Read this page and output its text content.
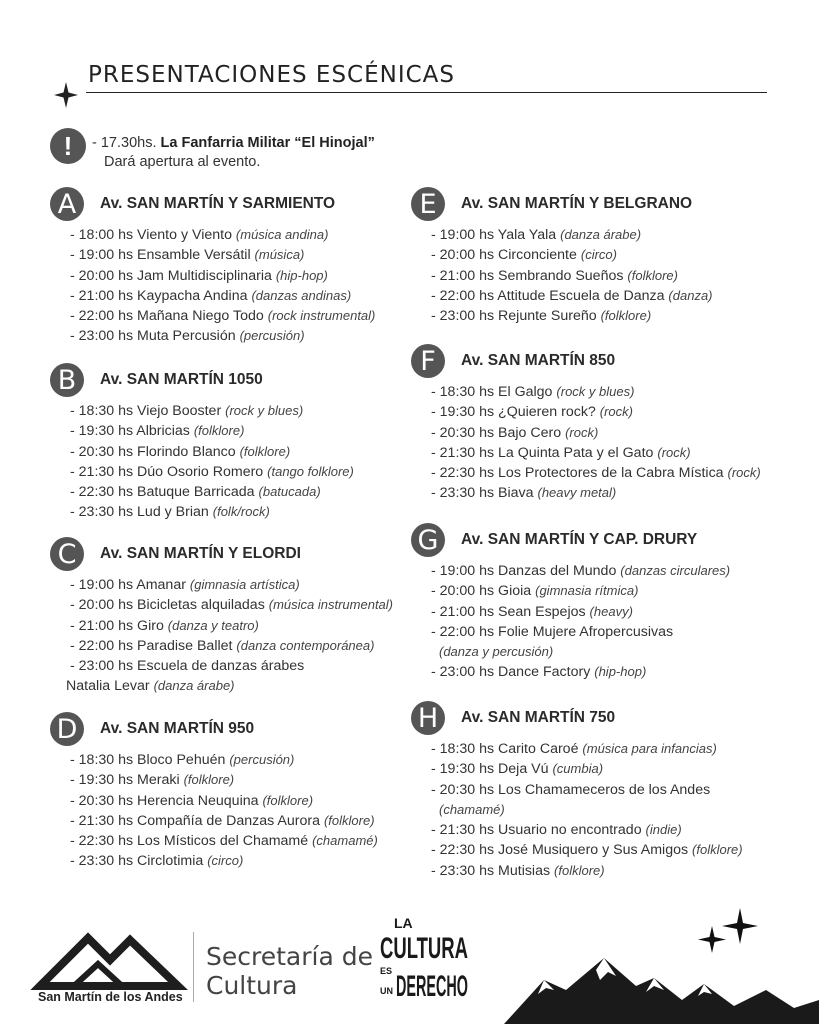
PRESENTACIONES ESCÉNICAS
!	- 17.30hs. La Fanfarria Militar “El Hinojal”
Dará apertura al evento.
A	Av. SAN MARTÍN Y SARMIENTO
- 18:00 hs Viento y Viento (música andina)
- 19:00 hs Ensamble Versátil (música)
- 20:00 hs Jam Multidisciplinaria (hip-hop)
- 21:00 hs Kaypacha Andina (danzas andinas)
- 22:00 hs Mañana Niego Todo (rock instrumental)
- 23:00 hs Muta Percusión (percusión)
B	Av. SAN MARTÍN 1050
- 18:30 hs Viejo Booster (rock y blues)
- 19:30 hs Albricias (folklore)
- 20:30 hs Florindo Blanco (folklore)
- 21:30 hs Dúo Osorio Romero (tango folklore)
- 22:30 hs Batuque Barricada (batucada)
- 23:30 hs Lud y Brian (folk/rock)
C	Av. SAN MARTÍN Y ELORDI
- 19:00 hs Amanar (gimnasia artística)
- 20:00 hs Bicicletas alquiladas (música instrumental)
- 21:00 hs Giro (danza y teatro)
- 22:00 hs Paradise Ballet (danza contemporánea)
- 23:00 hs Escuela de danzas árabes
Natalia Levar (danza árabe)
D	Av. SAN MARTÍN 950
- 18:30 hs Bloco Pehuén (percusión)
- 19:30 hs Meraki (folklore)
- 20:30 hs Herencia Neuquina (folklore)
- 21:30 hs Compañía de Danzas Aurora (folklore)
- 22:30 hs Los Místicos del Chamamé (chamamé)
- 23:30 hs Circlotimia (circo)
E	Av. SAN MARTÍN Y BELGRANO
- 19:00 hs Yala Yala (danza árabe)
- 20:00 hs Circonciente (circo)
- 21:00 hs Sembrando Sueños (folklore)
- 22:00 hs Attitude Escuela de Danza (danza)
- 23:00 hs Rejunte Sureño (folklore)
F	Av. SAN MARTÍN 850
- 18:30 hs El Galgo (rock y blues)
- 19:30 hs ¿Quieren rock? (rock)
- 20:30 hs Bajo Cero (rock)
- 21:30 hs La Quinta Pata y el Gato (rock)
- 22:30 hs Los Protectores de la Cabra Mística (rock)
- 23:30 hs Biava (heavy metal)
G	Av. SAN MARTÍN Y CAP. DRURY
- 19:00 hs Danzas del Mundo (danzas circulares)
- 20:00 hs Gioia (gimnasia rítmica)
- 21:00 hs Sean Espejos (heavy)
- 22:00 hs Folie Mujere Afropercusivas
(danza y percusión)
- 23:00 hs Dance Factory (hip-hop)
H	Av. SAN MARTÍN 750
- 18:30 hs Carito Caroé (música para infancias)
- 19:30 hs Deja Vú (cumbia)
- 20:30 hs Los Chamameceros de los Andes
(chamamé)
- 21:30 hs Usuario no encontrado (indie)
- 22:30 hs José Musiquero y Sus Amigos (folklore)
- 23:30 hs Mutisias (folklore)
San Martín de los Andes
Secretaría de
Cultura
LA
CULTURA
ES
UN DERECHO
